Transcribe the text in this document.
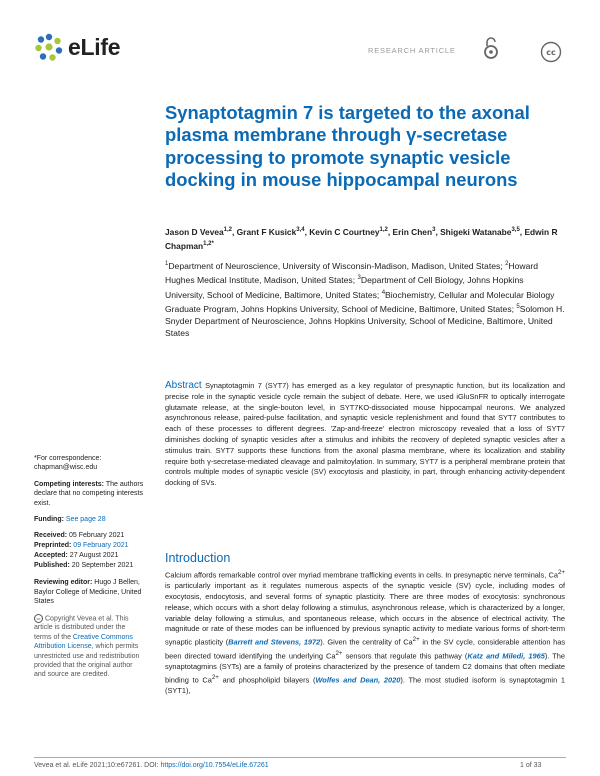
eLife	RESEARCH ARTICLE	cc
Synaptotagmin 7 is targeted to the axonal plasma membrane through γ-secretase processing to promote synaptic vesicle docking in mouse hippocampal neurons
Jason D Vevea$^{1,2}$, Grant F Kusick$^{3,4}$, Kevin C Courtney$^{1,2}$, Erin Chen$^3$, Shigeki Watanabe$^{3,5}$, Edwin R Chapman$^{1,2*}$
$^1$Department of Neuroscience, University of Wisconsin-Madison, Madison, United States; $^2$Howard Hughes Medical Institute, Madison, United States; $^3$Department of Cell Biology, Johns Hopkins University, School of Medicine, Baltimore, United States; $^4$Biochemistry, Cellular and Molecular Biology Graduate Program, Johns Hopkins University, School of Medicine, Baltimore, United States; $^5$Solomon H. Snyder Department of Neuroscience, Johns Hopkins University, School of Medicine, Baltimore, United States
Abstract Synaptotagmin 7 (SYT7) has emerged as a key regulator of presynaptic function, but its localization and precise role in the synaptic vesicle cycle remain the subject of debate. Here, we used iGluSnFR to optically interrogate glutamate release, at the single-bouton level, in SYT7KO-dissociated mouse hippocampal neurons. We analyzed asynchronous release, paired-pulse facilitation, and synaptic vesicle replenishment and found that SYT7 contributes to each of these processes to different degrees. 'Zap-and-freeze' electron microscopy revealed that a loss of SYT7 diminishes docking of synaptic vesicles after a stimulus and inhibits the recovery of depleted synaptic vesicles after a stimulus train. SYT7 supports these functions from the axonal plasma membrane, where its localization and stability require both γ-secretase-mediated cleavage and palmitoylation. In summary, SYT7 is a peripheral membrane protein that controls multiple modes of synaptic vesicle (SV) exocytosis and plasticity, in part, through enhancing activity-dependent docking of SVs.
*For correspondence:
chapman@wisc.edu
Competing interests: The authors declare that no competing interests exist.
Funding: See page 28
Received: 05 February 2021
Preprinted: 09 February 2021
Accepted: 27 August 2021
Published: 20 September 2021
Reviewing editor: Hugo J Bellen, Baylor College of Medicine, United States
cc Copyright Vevea et al. This article is distributed under the terms of the Creative Commons Attribution License, which permits unrestricted use and redistribution provided that the original author and source are credited.
Introduction
Calcium affords remarkable control over myriad membrane trafficking events in cells. In presynaptic nerve terminals, $Ca^{2+}$ is particularly important as it regulates numerous aspects of the synaptic vesicle (SV) cycle, including modes of exocytosis, endocytosis, and several forms of synaptic plasticity. There are three modes of exocytosis: synchronous release, which occurs with a short delay following a stimulus, asynchronous release, which is characterized by a longer, variable delay following a stimulus, and spontaneous release, which occurs in the absence of electrical activity. The magnitude or rate of these modes can be influenced by previous synaptic activity to mediate various forms of short-term synaptic plasticity (Barrett and Stevens, 1972). Given the centrality of $Ca^{2+}$ in the SV cycle, considerable attention has been directed toward identifying the underlying $Ca^{2+}$ sensors that regulate this pathway (Katz and Miledi, 1965). The synaptotagmins (SYTs) are a family of proteins characterized by the presence of tandem C2 domains that often mediate binding to $Ca^{2+}$ and phospholipid bilayers (Wolfes and Dean, 2020). The most studied isoform is synaptotagmin 1 (SYT1),
Vevea et al. eLife 2021;10:e67261. DOI: https://doi.org/10.7554/eLife.67261	1 of 33
